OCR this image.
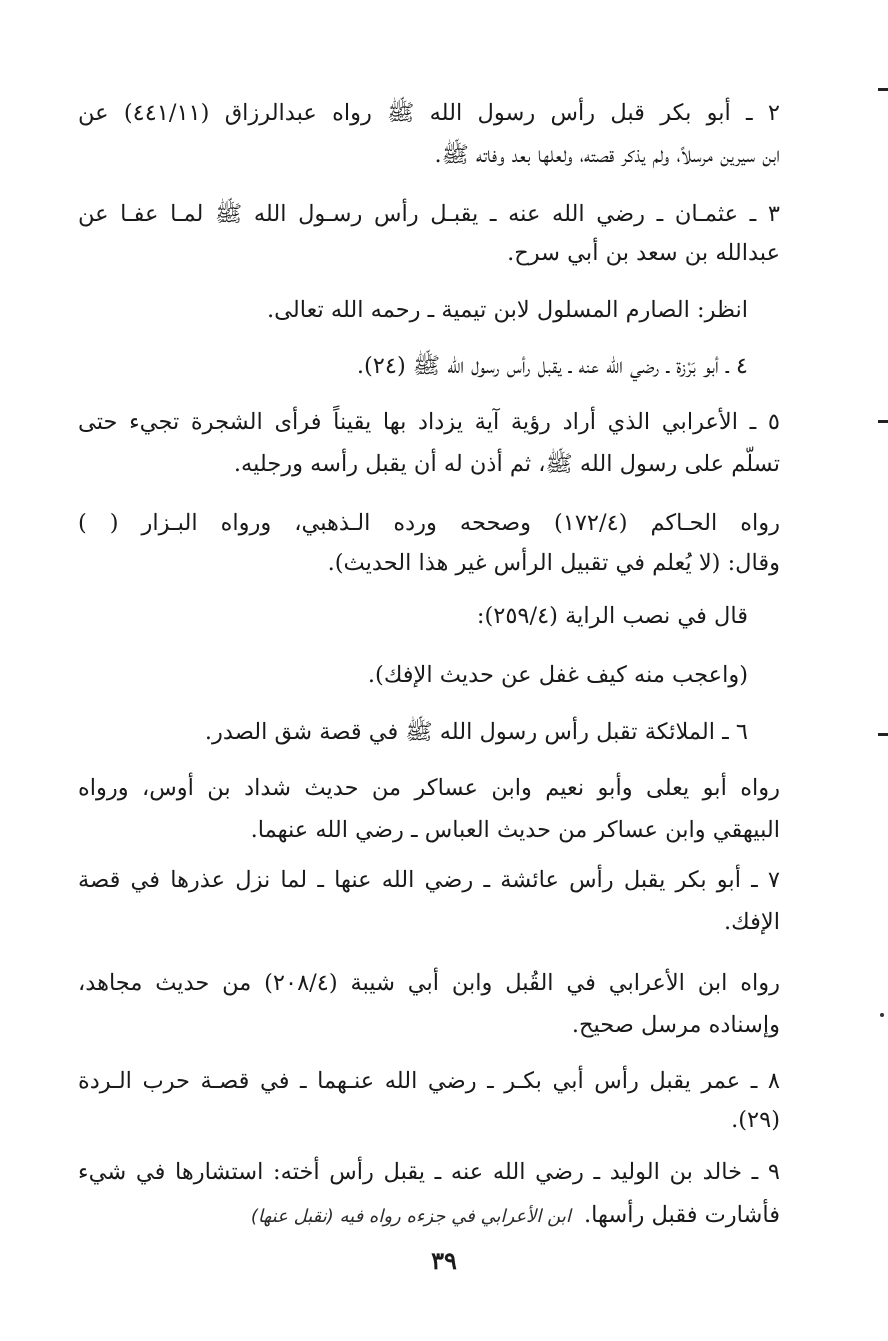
٢ ـ أبو بكر قبل رأس رسول الله ﷺ رواه عبدالرزاق (٤٤١/١١) عن

ابن سيرين مرسلاً، ولم يذكر قصته، ولعلها بعد وفاته ﷺ.

٣ ـ عثمـان ـ رضي الله عنه ـ يقبـل رأس رسـول الله ﷺ لمـا عفـا عن

عبدالله بن سعد بن أبي سرح.

انظر: الصارم المسلول لابن تيمية ـ رحمه الله تعالى.

٤ ـ أبو بَرْزة ـ رضي الله عنه ـ يقبل رأس رسول الله ﷺ (٢٤).

٥ ـ الأعرابي الذي أراد رؤية آية يزداد بها يقيناً فرأى الشجرة تجيء حتى

تسلّم على رسول الله ﷺ، ثم أذن له أن يقبل رأسه ورجليه.

رواه الحـاكم (١٧٢/٤) وصححه ورده الـذهبي، ورواه البـزار ( )

وقال: (لا يُعلم في تقبيل الرأس غير هذا الحديث).

قال في نصب الراية (٢٥٩/٤):

(واعجب منه كيف غفل عن حديث الإفك).

٦ ـ الملائكة تقبل رأس رسول الله ﷺ في قصة شق الصدر.

رواه أبو يعلى وأبو نعيم وابن عساكر من حديث شداد بن أوس، ورواه

البيهقي وابن عساكر من حديث العباس ـ رضي الله عنهما.

٧ ـ أبو بكر يقبل رأس عائشة ـ رضي الله عنها ـ لما نزل عذرها في قصة

الإفك.

رواه ابن الأعرابي في القُبل وابن أبي شيبة (٢٠٨/٤) من حديث مجاهد،

وإسناده مرسل صحيح.

٨ ـ عمر يقبل رأس أبي بكـر ـ رضي الله عنـهما ـ في قصـة حرب الـردة

(٢٩).

٩ ـ خالد بن الوليد ـ رضي الله عنه ـ يقبل رأس أخته: استشارها في شيء

فأشارت فقبل رأسها. ابن الأعرابي في جزءه رواه فيه (نقبل عنها)

٣٩
